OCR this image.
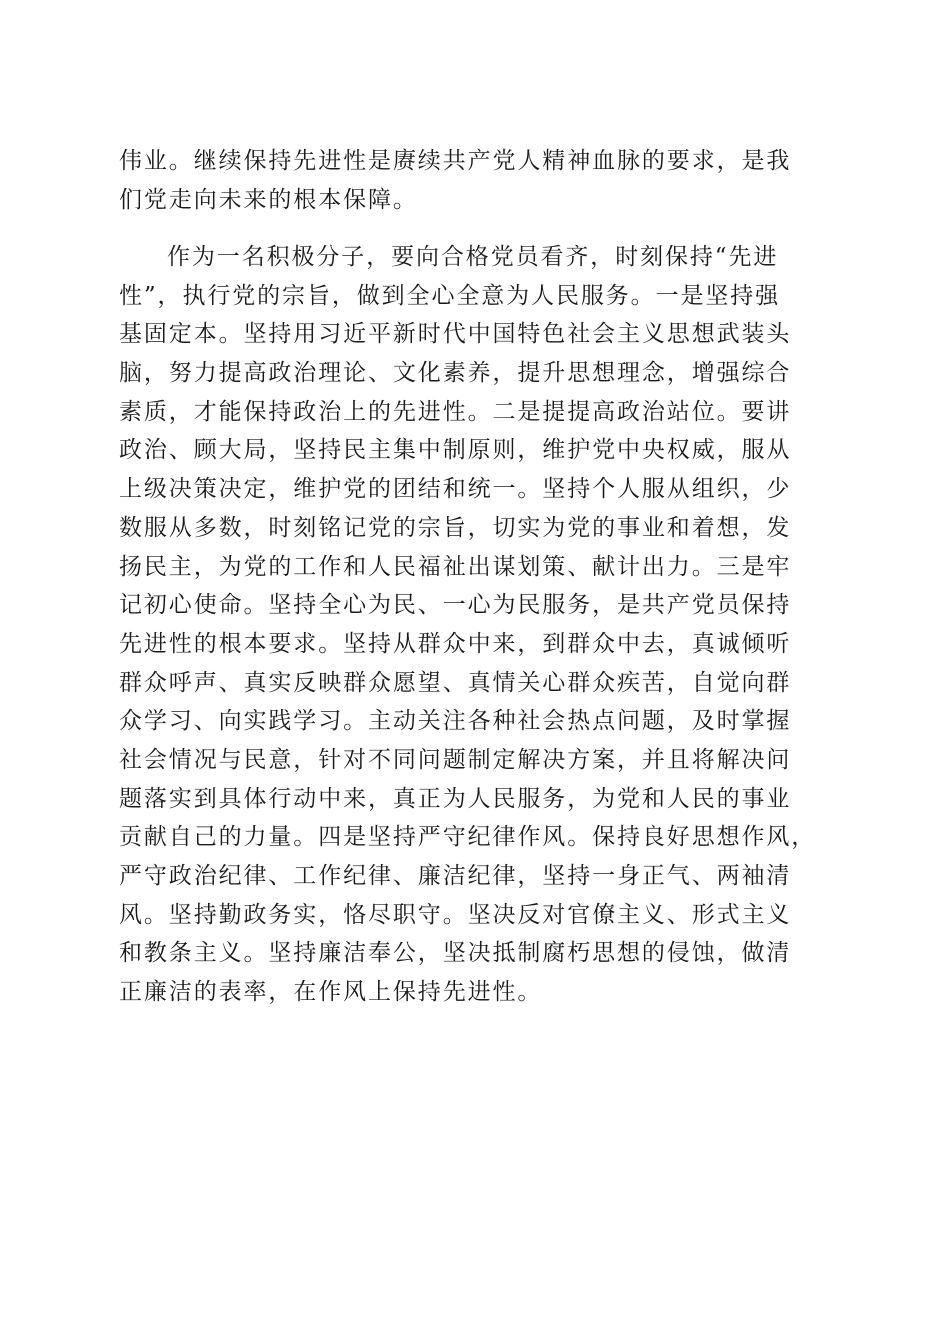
伟业。继续保持先进性是赓续共产党人精神血脉的要求，是我
们党走向未来的根本保障。
作为一名积极分子，要向合格党员看齐，时刻保持“先进
性”，执行党的宗旨，做到全心全意为人民服务。一是坚持强
基固定本。坚持用习近平新时代中国特色社会主义思想武装头
脑，努力提高政治理论、文化素养，提升思想理念，增强综合
素质，才能保持政治上的先进性。二是提提高政治站位。要讲
政治、顾大局，坚持民主集中制原则，维护党中央权威，服从
上级决策决定，维护党的团结和统一。坚持个人服从组织，少
数服从多数，时刻铭记党的宗旨，切实为党的事业和着想，发
扬民主，为党的工作和人民福祉出谋划策、献计出力。三是牢
记初心使命。坚持全心为民、一心为民服务，是共产党员保持
先进性的根本要求。坚持从群众中来，到群众中去，真诚倾听
群众呼声、真实反映群众愿望、真情关心群众疾苦，自觉向群
众学习、向实践学习。主动关注各种社会热点问题，及时掌握
社会情况与民意，针对不同问题制定解决方案，并且将解决问
题落实到具体行动中来，真正为人民服务，为党和人民的事业
贡献自己的力量。四是坚持严守纪律作风。保持良好思想作风，
严守政治纪律、工作纪律、廉洁纪律，坚持一身正气、两袖清
风。坚持勤政务实，恪尽职守。坚决反对官僚主义、形式主义
和教条主义。坚持廉洁奉公，坚决抵制腐朽思想的侵蚀，做清
正廉洁的表率，在作风上保持先进性。
